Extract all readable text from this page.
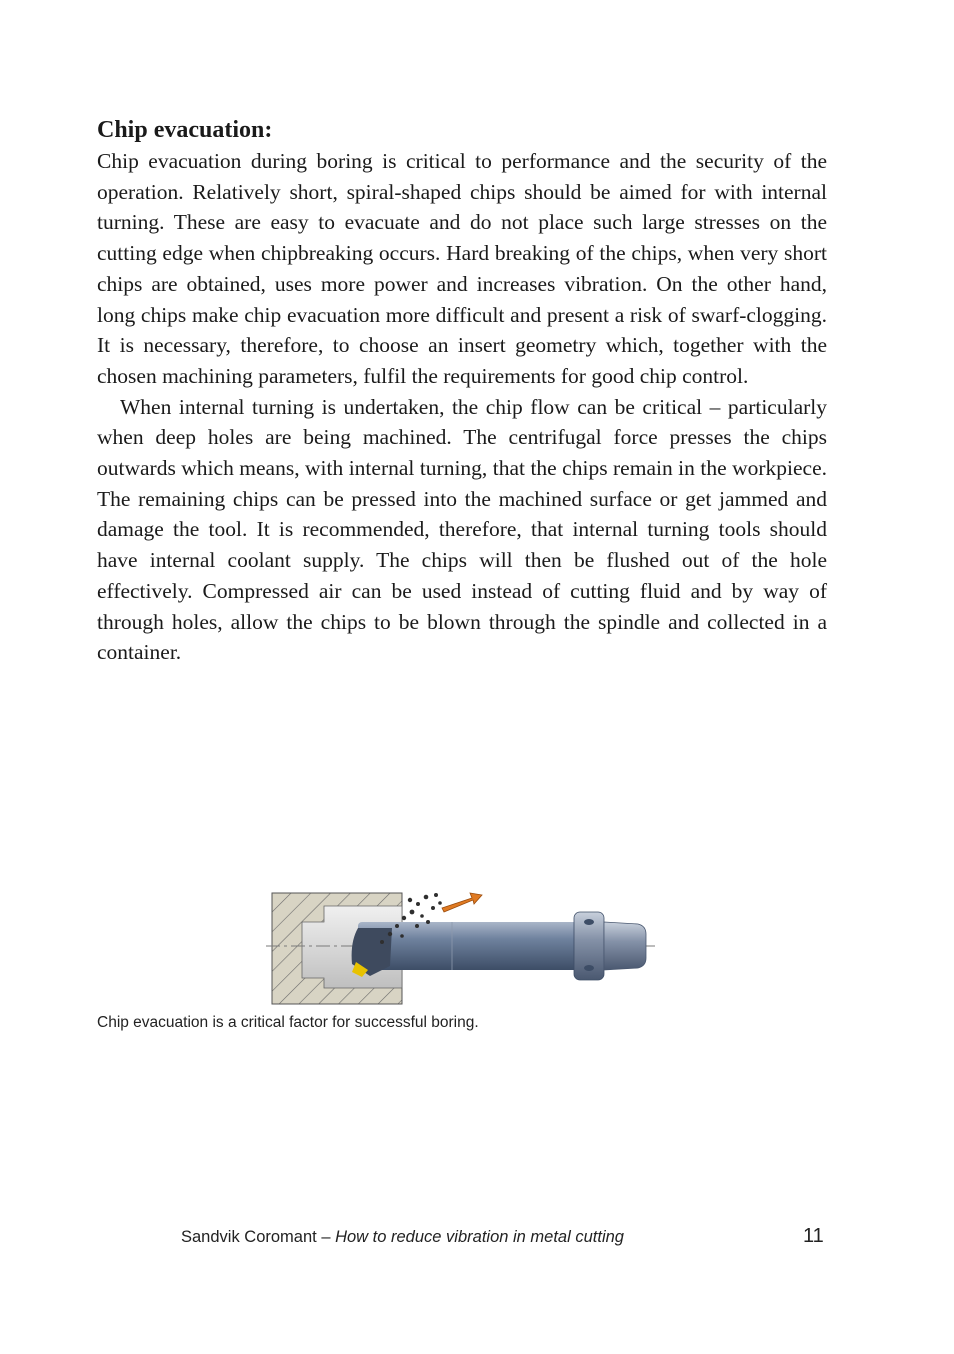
Chip evacuation:

Chip evacuation during boring is critical to performance and the security of the operation. Relatively short, spiral-shaped chips should be aimed for with internal turning. These are easy to evacuate and do not place such large stresses on the cutting edge when chipbreaking occurs. Hard breaking of the chips, when very short chips are obtained, uses more power and increases vibration. On the other hand, long chips make chip evacuation more difficult and present a risk of swarf-clogging. It is necessary, therefore, to choose an insert geometry which, together with the chosen machining parameters, fulfil the requirements for good chip control.

When internal turning is undertaken, the chip flow can be critical – particularly when deep holes are being machined. The centrifugal force presses the chips outwards which means, with internal turning, that the chips remain in the workpiece. The remaining chips can be pressed into the machined surface or get jammed and damage the tool. It is recommended, therefore, that internal turning tools should have internal coolant supply. The chips will then be flushed out of the hole effectively. Compressed air can be used instead of cutting fluid and by way of through holes, allow the chips to be blown through the spindle and collected in a container.

Chip evacuation is a critical factor for successful boring.
Sandvik Coromant – How to reduce vibration in metal cutting	11
